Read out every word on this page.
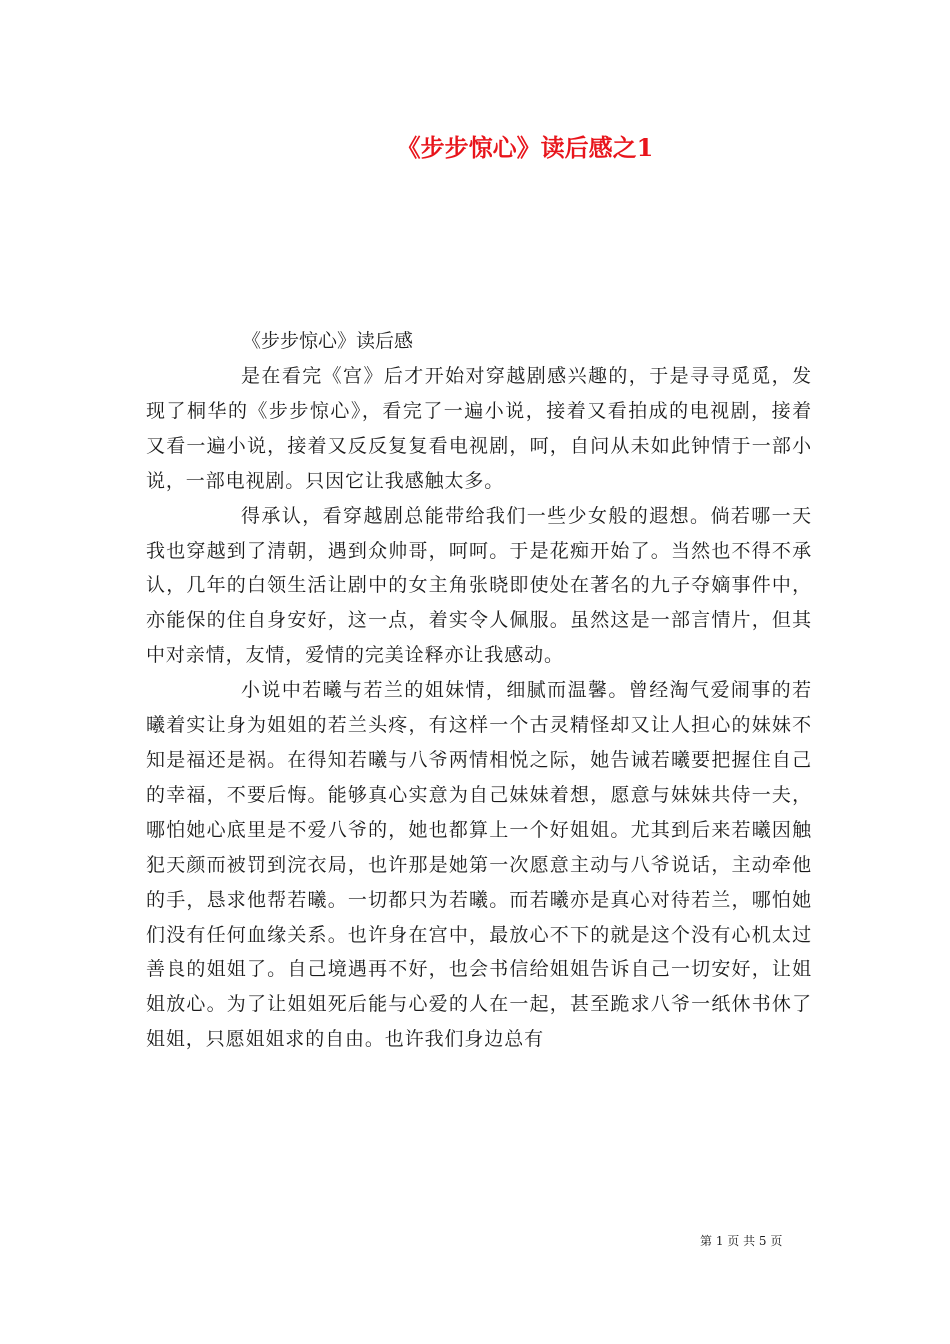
《步步惊心》读后感之1
《步步惊心》读后感

是在看完《宫》后才开始对穿越剧感兴趣的，于是寻寻觅觅，发现了桐华的《步步惊心》，看完了一遍小说，接着又看拍成的电视剧，接着又看一遍小说，接着又反反复复看电视剧，呵，自问从未如此钟情于一部小说，一部电视剧。只因它让我感触太多。

得承认，看穿越剧总能带给我们一些少女般的遐想。倘若哪一天我也穿越到了清朝，遇到众帅哥，呵呵。于是花痴开始了。当然也不得不承认，几年的白领生活让剧中的女主角张晓即使处在著名的九子夺嫡事件中，亦能保的住自身安好，这一点，着实令人佩服。虽然这是一部言情片，但其中对亲情，友情，爱情的完美诠释亦让我感动。

小说中若曦与若兰的姐妹情，细腻而温馨。曾经淘气爱闹事的若曦着实让身为姐姐的若兰头疼，有这样一个古灵精怪却又让人担心的妹妹不知是福还是祸。在得知若曦与八爷两情相悦之际，她告诫若曦要把握住自己的幸福，不要后悔。能够真心实意为自己妹妹着想，愿意与妹妹共侍一夫，哪怕她心底里是不爱八爷的，她也都算上一个好姐姐。尤其到后来若曦因触犯天颜而被罚到浣衣局，也许那是她第一次愿意主动与八爷说话，主动牵他的手，恳求他帮若曦。一切都只为若曦。而若曦亦是真心对待若兰，哪怕她们没有任何血缘关系。也许身在宫中，最放心不下的就是这个没有心机太过善良的姐姐了。自己境遇再不好，也会书信给姐姐告诉自己一切安好，让姐姐放心。为了让姐姐死后能与心爱的人在一起，甚至跪求八爷一纸休书休了姐姐，只愿姐姐求的自由。也许我们身边总有

第 1 页 共 5 页
